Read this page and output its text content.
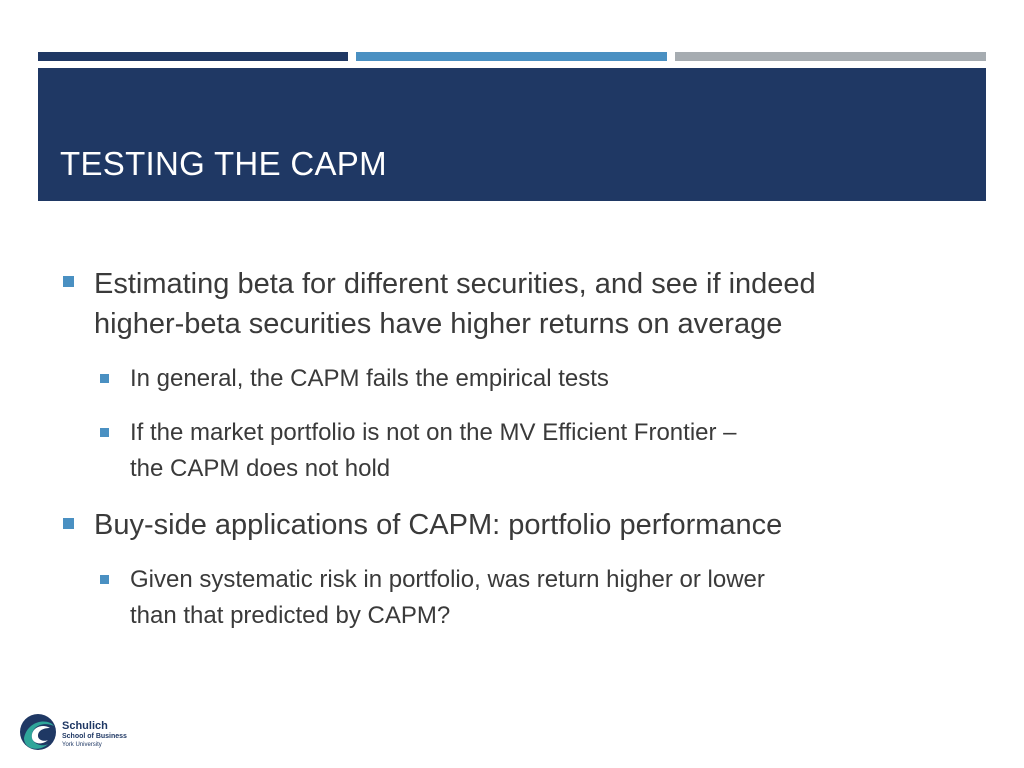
TESTING THE CAPM
Estimating beta for different securities, and see if indeed
higher-beta securities have higher returns on average
In general, the CAPM fails the empirical tests
If the market portfolio is not on the MV Efficient Frontier –
the CAPM does not hold
Buy-side applications of CAPM: portfolio performance
Given systematic risk in portfolio, was return higher or lower
than that predicted by CAPM?
Schulich
School of Business
York University
